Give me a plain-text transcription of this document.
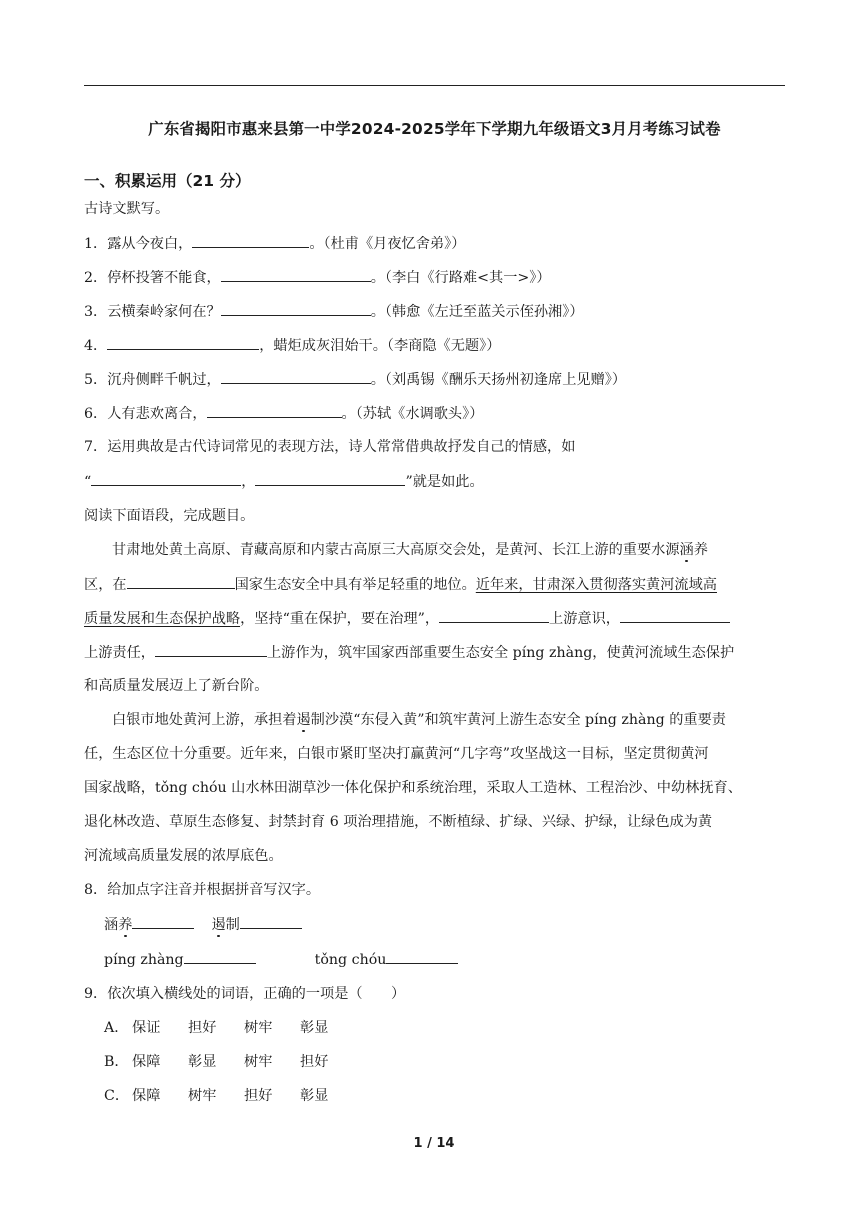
广东省揭阳市惠来县第一中学2024-2025学年下学期九年级语文3月月考练习试卷
一、积累运用（21 分）
古诗文默写。
1．露从今夜白，	。（杜甫《月夜忆舍弟》）
2．停杯投箸不能食，	。（李白《行路难<其一>》）
3．云横秦岭家何在？	。（韩愈《左迁至蓝关示侄孙湘》）
4．	，蜡炬成灰泪始干。（李商隐《无题》）
5．沉舟侧畔千帆过，	。（刘禹锡《酬乐天扬州初逢席上见赠》）
6．人有悲欢离合，	。（苏轼《水调歌头》）
7．运用典故是古代诗词常见的表现方法，诗人常常借典故抒发自己的情感，如
“	，	”就是如此。
阅读下面语段，完成题目。
甘肃地处黄土高原、青藏高原和内蒙古高原三大高原交会处，是黄河、长江上游的重要水源涵养
区，在	国家生态安全中具有举足轻重的地位。近年来，甘肃深入贯彻落实黄河流域高
质量发展和生态保护战略，坚持“重在保护，要在治理”，	上游意识，
上游责任，	上游作为，筑牢国家西部重要生态安全 píng zhàng，使黄河流域生态保护
和高质量发展迈上了新台阶。
白银市地处黄河上游，承担着遏制沙漠“东侵入黄”和筑牢黄河上游生态安全 píng zhàng 的重要责
任，生态区位十分重要。近年来，白银市紧盯坚决打赢黄河“几字弯”攻坚战这一目标，坚定贯彻黄河
国家战略，tǒng chóu 山水林田湖草沙一体化保护和系统治理，采取人工造林、工程治沙、中幼林抚育、
退化林改造、草原生态修复、封禁封育 6 项治理措施，不断植绿、扩绿、兴绿、护绿，让绿色成为黄
河流域高质量发展的浓厚底色。
8．给加点字注音并根据拼音写汉字。
涵养	遏制
píng zhàng	tǒng chóu
9．依次填入横线处的词语，正确的一项是（　　）
A． 保证 担好 树牢 彰显
B． 保障 彰显 树牢 担好
C． 保障 树牢 担好 彰显
1 / 14
